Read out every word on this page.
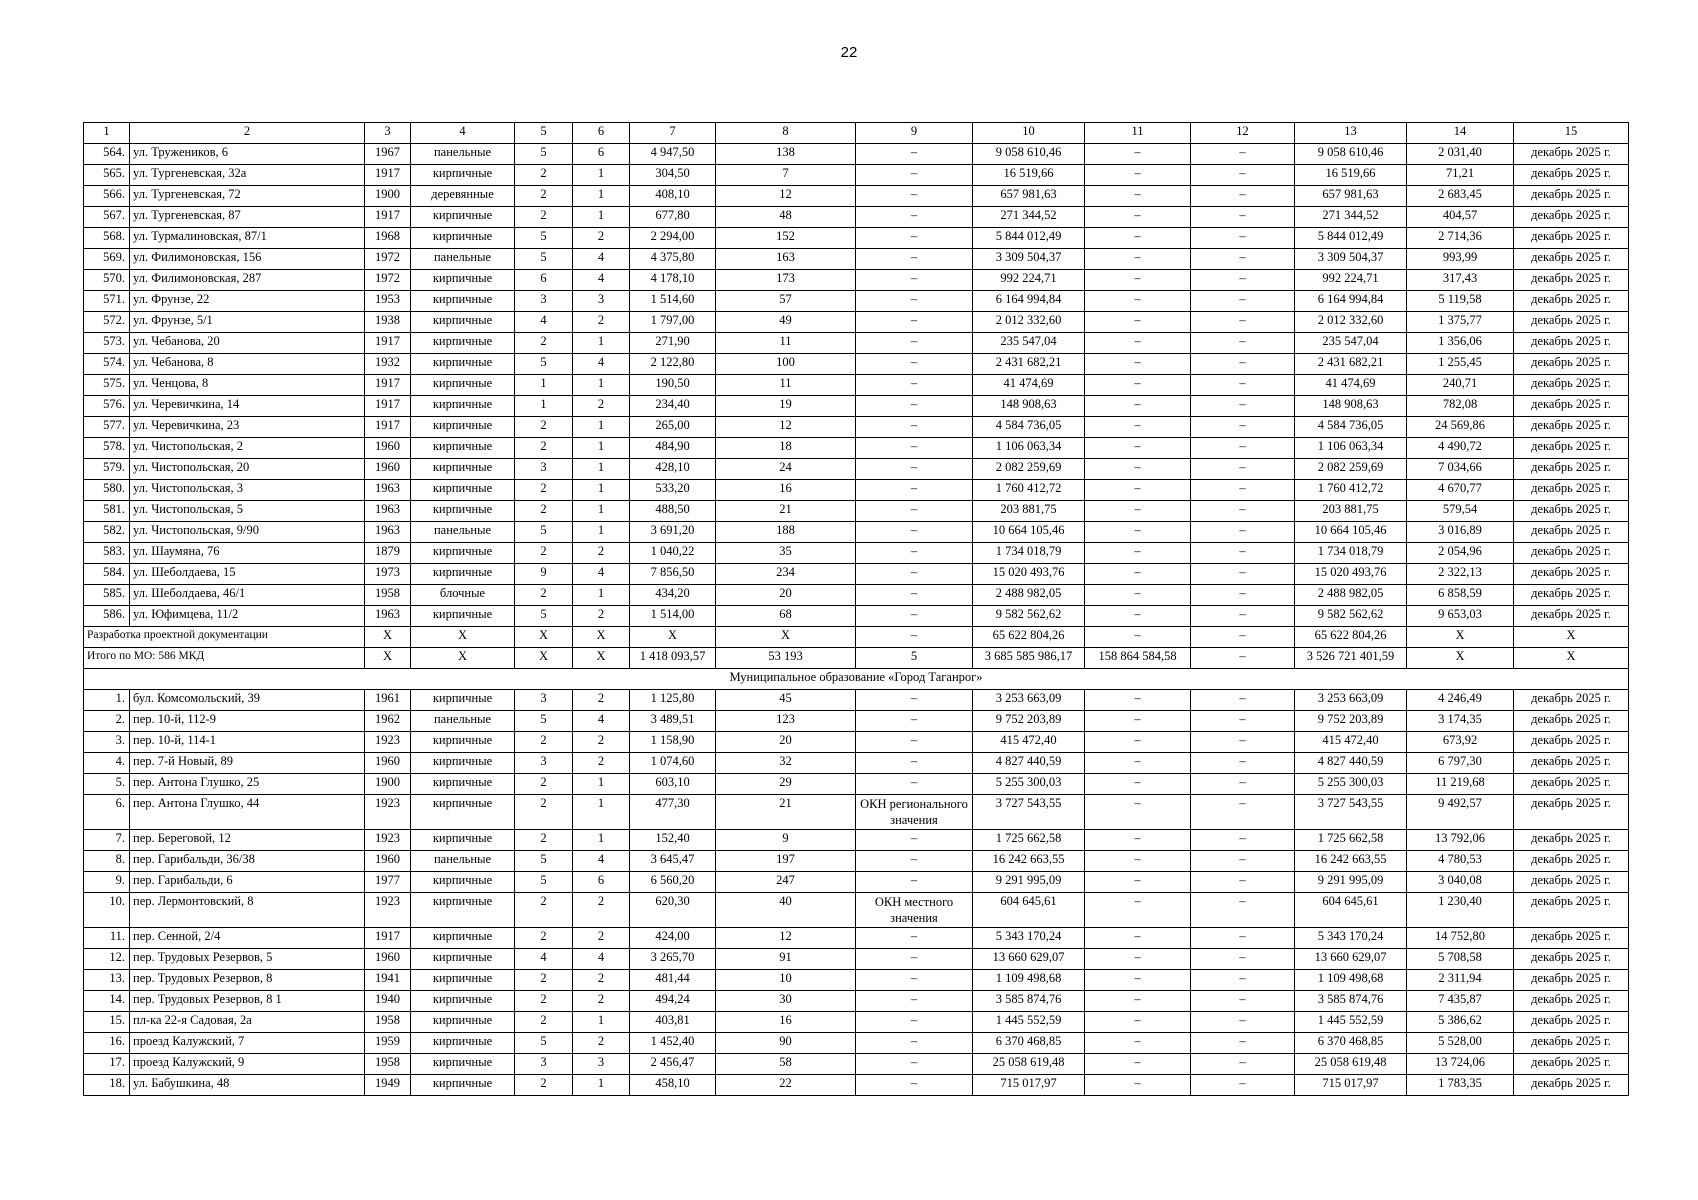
22
1	2	3	4	5	6	7	8	9	10	11	12	13	14	15
564.	ул. Тружеников, 6	1967	панельные	5	6	4 947,50	138	–	9 058 610,46	–	–	9 058 610,46	2 031,40	декабрь 2025 г.
565.	ул. Тургеневская, 32а	1917	кирпичные	2	1	304,50	7	–	16 519,66	–	–	16 519,66	71,21	декабрь 2025 г.
566.	ул. Тургеневская, 72	1900	деревянные	2	1	408,10	12	–	657 981,63	–	–	657 981,63	2 683,45	декабрь 2025 г.
567.	ул. Тургеневская, 87	1917	кирпичные	2	1	677,80	48	–	271 344,52	–	–	271 344,52	404,57	декабрь 2025 г.
568.	ул. Турмалиновская, 87/1	1968	кирпичные	5	2	2 294,00	152	–	5 844 012,49	–	–	5 844 012,49	2 714,36	декабрь 2025 г.
569.	ул. Филимоновская, 156	1972	панельные	5	4	4 375,80	163	–	3 309 504,37	–	–	3 309 504,37	993,99	декабрь 2025 г.
570.	ул. Филимоновская, 287	1972	кирпичные	6	4	4 178,10	173	–	992 224,71	–	–	992 224,71	317,43	декабрь 2025 г.
571.	ул. Фрунзе, 22	1953	кирпичные	3	3	1 514,60	57	–	6 164 994,84	–	–	6 164 994,84	5 119,58	декабрь 2025 г.
572.	ул. Фрунзе, 5/1	1938	кирпичные	4	2	1 797,00	49	–	2 012 332,60	–	–	2 012 332,60	1 375,77	декабрь 2025 г.
573.	ул. Чебанова, 20	1917	кирпичные	2	1	271,90	11	–	235 547,04	–	–	235 547,04	1 356,06	декабрь 2025 г.
574.	ул. Чебанова, 8	1932	кирпичные	5	4	2 122,80	100	–	2 431 682,21	–	–	2 431 682,21	1 255,45	декабрь 2025 г.
575.	ул. Ченцова, 8	1917	кирпичные	1	1	190,50	11	–	41 474,69	–	–	41 474,69	240,71	декабрь 2025 г.
576.	ул. Черевичкина, 14	1917	кирпичные	1	2	234,40	19	–	148 908,63	–	–	148 908,63	782,08	декабрь 2025 г.
577.	ул. Черевичкина, 23	1917	кирпичные	2	1	265,00	12	–	4 584 736,05	–	–	4 584 736,05	24 569,86	декабрь 2025 г.
578.	ул. Чистопольская, 2	1960	кирпичные	2	1	484,90	18	–	1 106 063,34	–	–	1 106 063,34	4 490,72	декабрь 2025 г.
579.	ул. Чистопольская, 20	1960	кирпичные	3	1	428,10	24	–	2 082 259,69	–	–	2 082 259,69	7 034,66	декабрь 2025 г.
580.	ул. Чистопольская, 3	1963	кирпичные	2	1	533,20	16	–	1 760 412,72	–	–	1 760 412,72	4 670,77	декабрь 2025 г.
581.	ул. Чистопольская, 5	1963	кирпичные	2	1	488,50	21	–	203 881,75	–	–	203 881,75	579,54	декабрь 2025 г.
582.	ул. Чистопольская, 9/90	1963	панельные	5	1	3 691,20	188	–	10 664 105,46	–	–	10 664 105,46	3 016,89	декабрь 2025 г.
583.	ул. Шаумяна, 76	1879	кирпичные	2	2	1 040,22	35	–	1 734 018,79	–	–	1 734 018,79	2 054,96	декабрь 2025 г.
584.	ул. Шеболдаева, 15	1973	кирпичные	9	4	7 856,50	234	–	15 020 493,76	–	–	15 020 493,76	2 322,13	декабрь 2025 г.
585.	ул. Шеболдаева, 46/1	1958	блочные	2	1	434,20	20	–	2 488 982,05	–	–	2 488 982,05	6 858,59	декабрь 2025 г.
586.	ул. Юфимцева, 11/2	1963	кирпичные	5	2	1 514,00	68	–	9 582 562,62	–	–	9 582 562,62	9 653,03	декабрь 2025 г.
Разработка проектной документации		X	X	X	X	X	X	–	65 622 804,26	–	–	65 622 804,26	X	X
Итого по МО: 586 МКД		X	X	X	X	1 418 093,57	53 193	5	3 685 585 986,17	158 864 584,58	–	3 526 721 401,59	X	X
Муниципальное образование «Город Таганрог»														
1.	бул. Комсомольский, 39	1961	кирпичные	3	2	1 125,80	45	–	3 253 663,09	–	–	3 253 663,09	4 246,49	декабрь 2025 г.
2.	пер. 10-й, 112-9	1962	панельные	5	4	3 489,51	123	–	9 752 203,89	–	–	9 752 203,89	3 174,35	декабрь 2025 г.
3.	пер. 10-й, 114-1	1923	кирпичные	2	2	1 158,90	20	–	415 472,40	–	–	415 472,40	673,92	декабрь 2025 г.
4.	пер. 7-й Новый, 89	1960	кирпичные	3	2	1 074,60	32	–	4 827 440,59	–	–	4 827 440,59	6 797,30	декабрь 2025 г.
5.	пер. Антона Глушко, 25	1900	кирпичные	2	1	603,10	29	–	5 255 300,03	–	–	5 255 300,03	11 219,68	декабрь 2025 г.
6.	пер. Антона Глушко, 44	1923	кирпичные	2	1	477,30	21	ОКН регионального значения	3 727 543,55	–	–	3 727 543,55	9 492,57	декабрь 2025 г.
7.	пер. Береговой, 12	1923	кирпичные	2	1	152,40	9	–	1 725 662,58	–	–	1 725 662,58	13 792,06	декабрь 2025 г.
8.	пер. Гарибальди, 36/38	1960	панельные	5	4	3 645,47	197	–	16 242 663,55	–	–	16 242 663,55	4 780,53	декабрь 2025 г.
9.	пер. Гарибальди, 6	1977	кирпичные	5	6	6 560,20	247	–	9 291 995,09	–	–	9 291 995,09	3 040,08	декабрь 2025 г.
10.	пер. Лермонтовский, 8	1923	кирпичные	2	2	620,30	40	ОКН местного значения	604 645,61	–	–	604 645,61	1 230,40	декабрь 2025 г.
11.	пер. Сенной, 2/4	1917	кирпичные	2	2	424,00	12	–	5 343 170,24	–	–	5 343 170,24	14 752,80	декабрь 2025 г.
12.	пер. Трудовых Резервов, 5	1960	кирпичные	4	4	3 265,70	91	–	13 660 629,07	–	–	13 660 629,07	5 708,58	декабрь 2025 г.
13.	пер. Трудовых Резервов, 8	1941	кирпичные	2	2	481,44	10	–	1 109 498,68	–	–	1 109 498,68	2 311,94	декабрь 2025 г.
14.	пер. Трудовых Резервов, 8 1	1940	кирпичные	2	2	494,24	30	–	3 585 874,76	–	–	3 585 874,76	7 435,87	декабрь 2025 г.
15.	пл-ка 22-я Садовая, 2а	1958	кирпичные	2	1	403,81	16	–	1 445 552,59	–	–	1 445 552,59	5 386,62	декабрь 2025 г.
16.	проезд Калужский, 7	1959	кирпичные	5	2	1 452,40	90	–	6 370 468,85	–	–	6 370 468,85	5 528,00	декабрь 2025 г.
17.	проезд Калужский, 9	1958	кирпичные	3	3	2 456,47	58	–	25 058 619,48	–	–	25 058 619,48	13 724,06	декабрь 2025 г.
18.	ул. Бабушкина, 48	1949	кирпичные	2	1	458,10	22	–	715 017,97	–	–	715 017,97	1 783,35	декабрь 2025 г.
